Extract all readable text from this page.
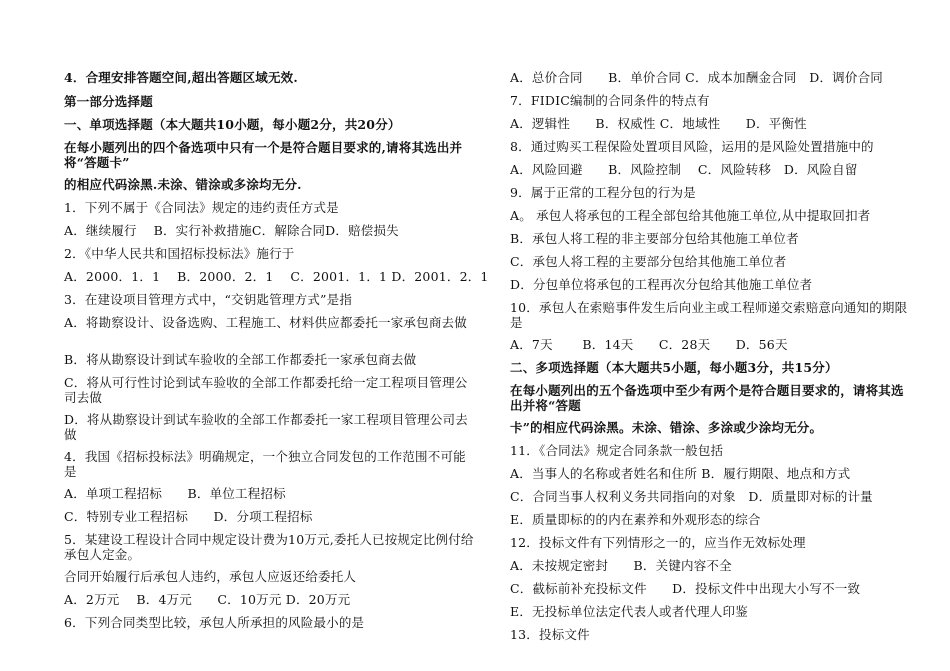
4．合理安排答题空间,超出答题区域无效.
第一部分选择题
一、单项选择题（本大题共10小题，每小题2分，共20分）
在每小题列出的四个备选项中只有一个是符合题目要求的,请将其选出并将“答题卡”
的相应代码涂黑.未涂、错涂或多涂均无分.
1．下列不属于《合同法》规定的违约责任方式是
A．继续履行　 B．实行补救措施C．解除合同D．赔偿损失
2．《中华人民共和国招标投标法》施行于
A．2000．1．1　 B．2000．2．1　 C．2001．1．1 D．2001．2．1
3．在建设项目管理方式中，“交钥匙管理方式”是指
A．将勘察设计、设备选购、工程施工、材料供应都委托一家承包商去做
B．将从勘察设计到试车验收的全部工作都委托一家承包商去做
C．将从可行性讨论到试车验收的全部工作都委托给一定工程项目管理公司去做
D．将从勘察设计到试车验收的全部工作都委托一家工程项目管理公司去做
4．我国《招标投标法》明确规定，一个独立合同发包的工作范围不可能是
A．单项工程招标　　B．单位工程招标
C．特别专业工程招标　　D．分项工程招标
5．某建设工程设计合同中规定设计费为10万元,委托人已按规定比例付给承包人定金。
合同开始履行后承包人违约，承包人应返还给委托人
A．2万元　 B．4万元　　C．10万元 D．20万元
6．下列合同类型比较，承包人所承担的风险最小的是
A．总价合同　　B．单价合同 C．成本加酬金合同　D．调价合同
7．FIDIC编制的合同条件的特点有
A．逻辑性　　B．权威性 C．地域性　　D．平衡性
8．通过购买工程保险处置项目风险，运用的是风险处置措施中的
A．风险回避　　B．风险控制　 C．风险转移　D．风险自留
9．属于正常的工程分包的行为是
A。 承包人将承包的工程全部包给其他施工单位,从中提取回扣者
B．承包人将工程的非主要部分包给其他施工单位者
C．承包人将工程的主要部分包给其他施工单位者
D．分包单位将承包的工程再次分包给其他施工单位者
10．承包人在索赔事件发生后向业主或工程师递交索赔意向通知的期限是
A．7天　　 B．14天　　C．28天　　D．56天
二、多项选择题（本大题共5小题，每小题3分，共15分）
在每小题列出的五个备选项中至少有两个是符合题目要求的，请将其选出并将“答题
卡”的相应代码涂黑。未涂、错涂、多涂或少涂均无分。
11．《合同法》规定合同条款一般包括
A．当事人的名称或者姓名和住所 B．履行期限、地点和方式
C．合同当事人权利义务共同指向的对象　D．质量即对标的计量
E．质量即标的的内在素养和外观形态的综合
12．投标文件有下列情形之一的，应当作无效标处理
A．未按规定密封　　B．关键内容不全
C．截标前补充投标文件　　D．投标文件中出现大小写不一致
E．无投标单位法定代表人或者代理人印鉴
13．投标文件
